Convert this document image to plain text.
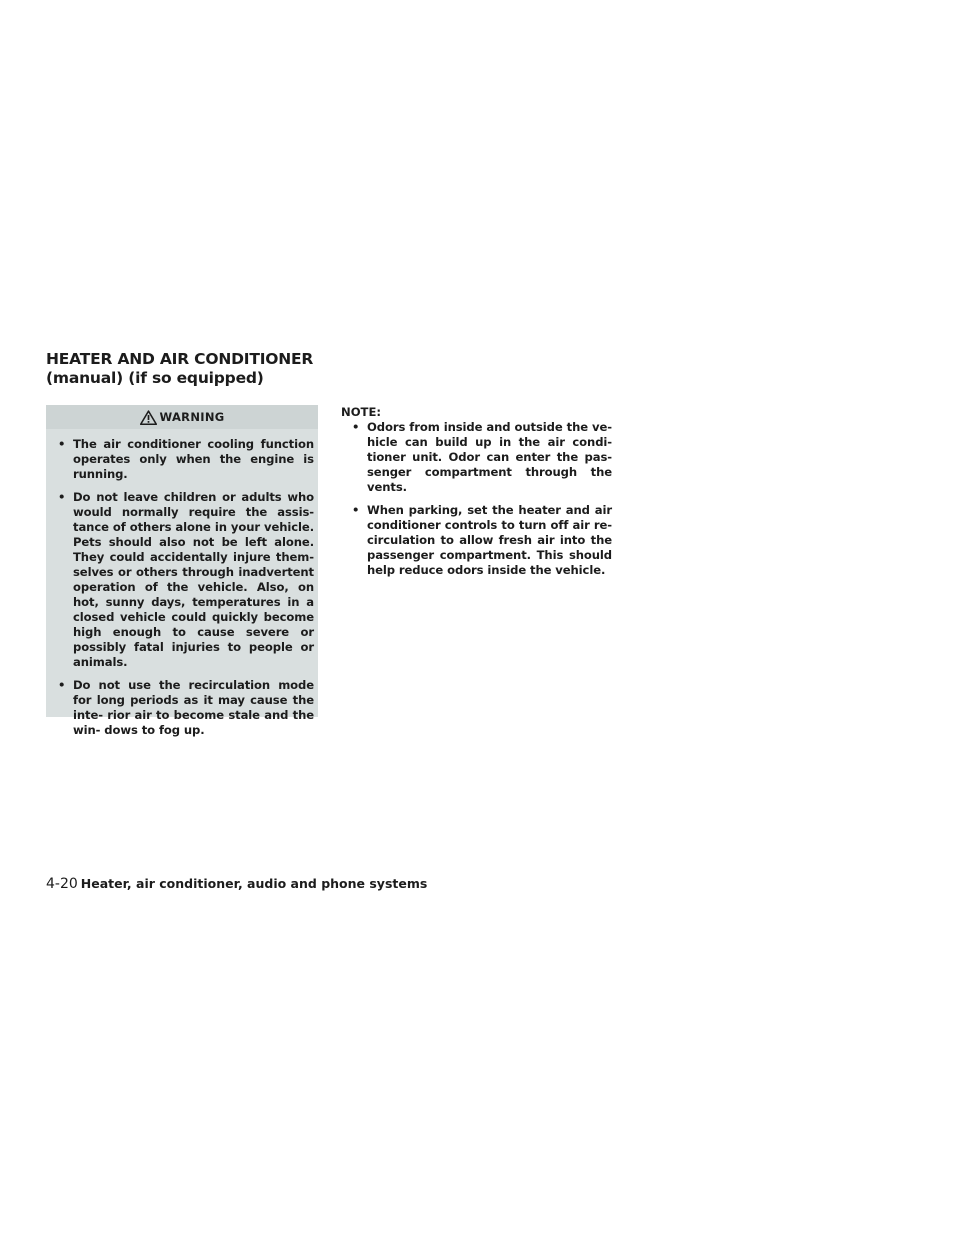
HEATER AND AIR CONDITIONER
(manual) (if so equipped)
WARNING
• The air conditioner cooling function operates only when the engine is running.
• Do not leave children or adults who would normally require the assis- tance of others alone in your vehicle. Pets should also not be left alone. They could accidentally injure them- selves or others through inadvertent operation of the vehicle. Also, on hot, sunny days, temperatures in a closed vehicle could quickly become high enough to cause severe or possibly fatal injuries to people or animals.
• Do not use the recirculation mode for long periods as it may cause the inte- rior air to become stale and the win- dows to fog up.
NOTE:
• Odors from inside and outside the ve- hicle can build up in the air condi- tioner unit. Odor can enter the pas- senger compartment through the vents.
• When parking, set the heater and air conditioner controls to turn off air re- circulation to allow fresh air into the passenger compartment. This should help reduce odors inside the vehicle.
4-20 Heater, air conditioner, audio and phone systems
